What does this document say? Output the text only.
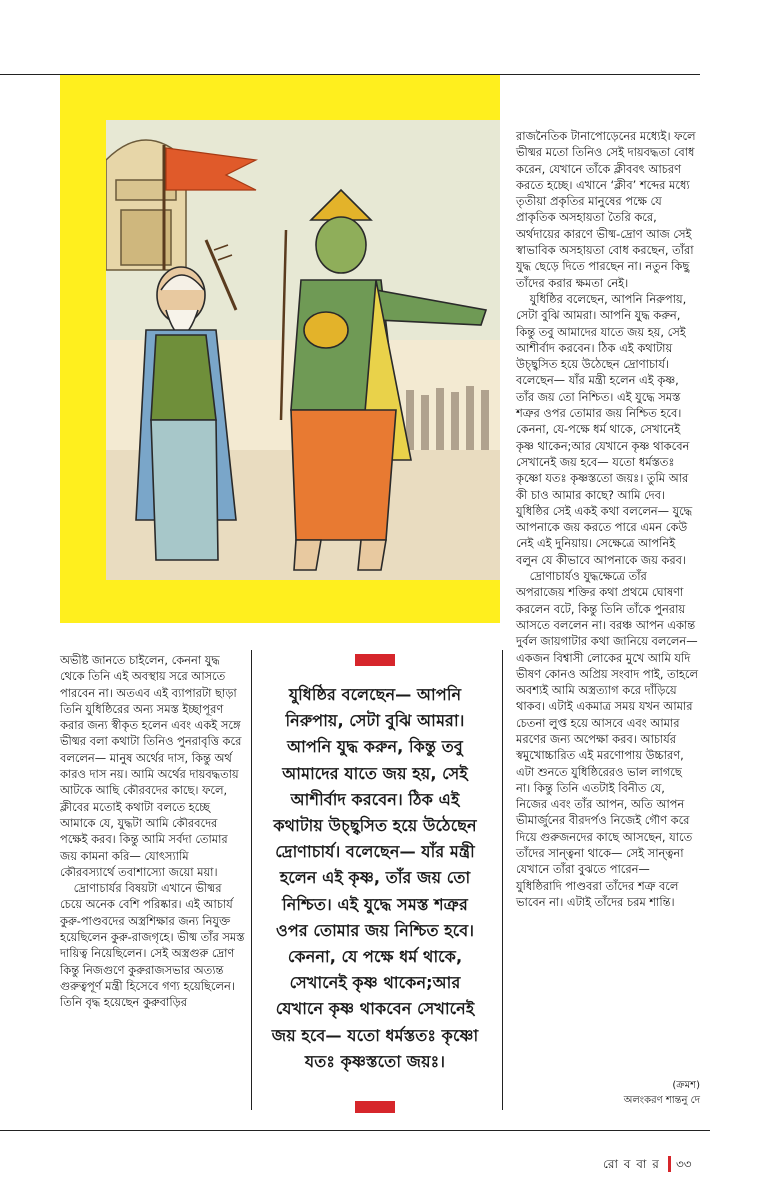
রাজনৈতিক টানাপোড়েনের মধ্যেই। ফলে ভীষ্মর মতো তিনিও সেই দায়বদ্ধতা বোধ করেন, যেখানে তাঁকে ক্লীববৎ আচরণ করতে হচ্ছে। এখানে ‘ক্লীব’ শব্দের মধ্যে তৃতীয়া প্রকৃতির মানুষের পক্ষে যে প্রাকৃতিক অসহায়তা তৈরি করে, অর্থদায়ের কারণে ভীষ্ম-দ্রোণ আজ সেই স্বাভাবিক অসহায়তা বোধ করছেন, তাঁরা যুদ্ধ ছেড়ে দিতে পারছেন না। নতুন কিছু তাঁদের করার ক্ষমতা নেই।

যুধিষ্ঠির বলেছেন, আপনি নিরুপায়, সেটা বুঝি আমরা। আপনি যুদ্ধ করুন, কিন্তু তবু আমাদের যাতে জয় হয়, সেই আশীর্বাদ করবেন। ঠিক এই কথাটায় উচ্ছ্বসিত হয়ে উঠেছেন দ্রোণাচার্য। বলেছেন— যাঁর মন্ত্রী হলেন এই কৃষ্ণ, তাঁর জয় তো নিশ্চিত। এই যুদ্ধে সমস্ত শত্রুর ওপর তোমার জয় নিশ্চিত হবে। কেননা, যে-পক্ষে ধর্ম থাকে, সেখানেই কৃষ্ণ থাকেন;আর যেখানে কৃষ্ণ থাকবেন সেখানেই জয় হবে— যতো ধর্মস্ততঃ কৃষ্ণো যতঃ কৃষ্ণস্ততো জয়ঃ। তুমি আর কী চাও আমার কাছে? আমি দেব। যুধিষ্ঠির সেই একই কথা বললেন— যুদ্ধে আপনাকে জয় করতে পারে এমন কেউ নেই এই দুনিয়ায়। সেক্ষেত্রে আপনিই বলুন যে কীভাবে আপনাকে জয় করব।

দ্রোণাচার্যও যুদ্ধক্ষেত্রে তাঁর অপরাজেয় শক্তির কথা প্রথমে ঘোষণা করলেন বটে, কিন্তু তিনি তাঁকে পুনরায় আসতে বললেন না। বরঞ্চ আপন একান্ত দুর্বল জায়গাটার কথা জানিয়ে বললেন— একজন বিশ্বাসী লোকের মুখে আমি যদি ভীষণ কোনও অপ্রিয় সংবাদ পাই, তাহলে অবশ্যই আমি অস্ত্রত্যাগ করে দাঁড়িয়ে থাকব। এটাই একমাত্র সময় যখন আমার চেতনা লুপ্ত হয়ে আসবে এবং আমার মরণের জন্য অপেক্ষা করব। আচার্যর স্বমুখোচ্চারিত এই মরণোপায় উচ্চারণ, এটা শুনতে যুধিষ্ঠিরেরও ভাল লাগছে না। কিন্তু তিনি এতটাই বিনীত যে, নিজের এবং তাঁর আপন, অতি আপন ভীমার্জুনের বীরদর্পও নিজেই গৌণ করে দিয়ে গুরুজনদের কাছে আসছেন, যাতে তাঁদের সান্ত্বনা থাকে— সেই সান্ত্বনা যেখানে তাঁরা বুঝতে পারেন— যুধিষ্ঠিরাদি পাণ্ডবরা তাঁদের শত্রু বলে ভাবেন না। এটাই তাঁদের চরম শান্তি।

অভীষ্ট জানতে চাইলেন, কেননা যুদ্ধ থেকে তিনি এই অবস্থায় সরে আসতে পারবেন না। অতএব এই ব্যাপারটা ছাড়া তিনি যুধিষ্ঠিরের অন্য সমস্ত ইচ্ছাপূরণ করার জন্য স্বীকৃত হলেন এবং একই সঙ্গে ভীষ্মর বলা কথাটা তিনিও পুনরাবৃত্তি করে বললেন— মানুষ অর্থের দাস, কিন্তু অর্থ কারও দাস নয়। আমি অর্থের দায়বদ্ধতায় আটকে আছি কৌরবদের কাছে। ফলে, ক্লীবের মতোই কথাটা বলতে হচ্ছে আমাকে যে, যুদ্ধটা আমি কৌরবদের পক্ষেই করব। কিন্তু আমি সর্বদা তোমার জয় কামনা করি— যোৎস্যামি কৌরবস্যার্থে তবাশাস্যো জয়ো ময়া।

দ্রোণাচার্যর বিষয়টা এখানে ভীষ্মর চেয়ে অনেক বেশি পরিষ্কার। এই আচার্য কুরু-পাণ্ডবদের অস্ত্রশিক্ষার জন্য নিযুক্ত হয়েছিলেন কুরু-রাজগৃহে। ভীষ্ম তাঁর সমস্ত দায়িত্ব নিয়েছিলেন। সেই অস্ত্রগুরু দ্রোণ কিন্তু নিজগুণে কুরুরাজসভার অত্যন্ত গুরুত্বপূর্ণ মন্ত্রী হিসেবে গণ্য হয়েছিলেন। তিনি বৃদ্ধ হয়েছেন কুরুবাড়ির

যুধিষ্ঠির বলেছেন— আপনি নিরুপায়, সেটা বুঝি আমরা। আপনি যুদ্ধ করুন, কিন্তু তবু আমাদের যাতে জয় হয়, সেই আশীর্বাদ করবেন। ঠিক এই কথাটায় উচ্ছ্বসিত হয়ে উঠেছেন দ্রোণাচার্য। বলেছেন— যাঁর মন্ত্রী হলেন এই কৃষ্ণ, তাঁর জয় তো নিশ্চিত। এই যুদ্ধে সমস্ত শত্রুর ওপর তোমার জয় নিশ্চিত হবে। কেননা, যে পক্ষে ধর্ম থাকে, সেখানেই কৃষ্ণ থাকেন;আর যেখানে কৃষ্ণ থাকবেন সেখানেই জয় হবে— যতো ধর্মস্ততঃ কৃষ্ণো যতঃ কৃষ্ণস্ততো জয়ঃ।
(ক্রমশ)
অলংকরণ শান্তনু দে
রো ব বা র ৩৩
